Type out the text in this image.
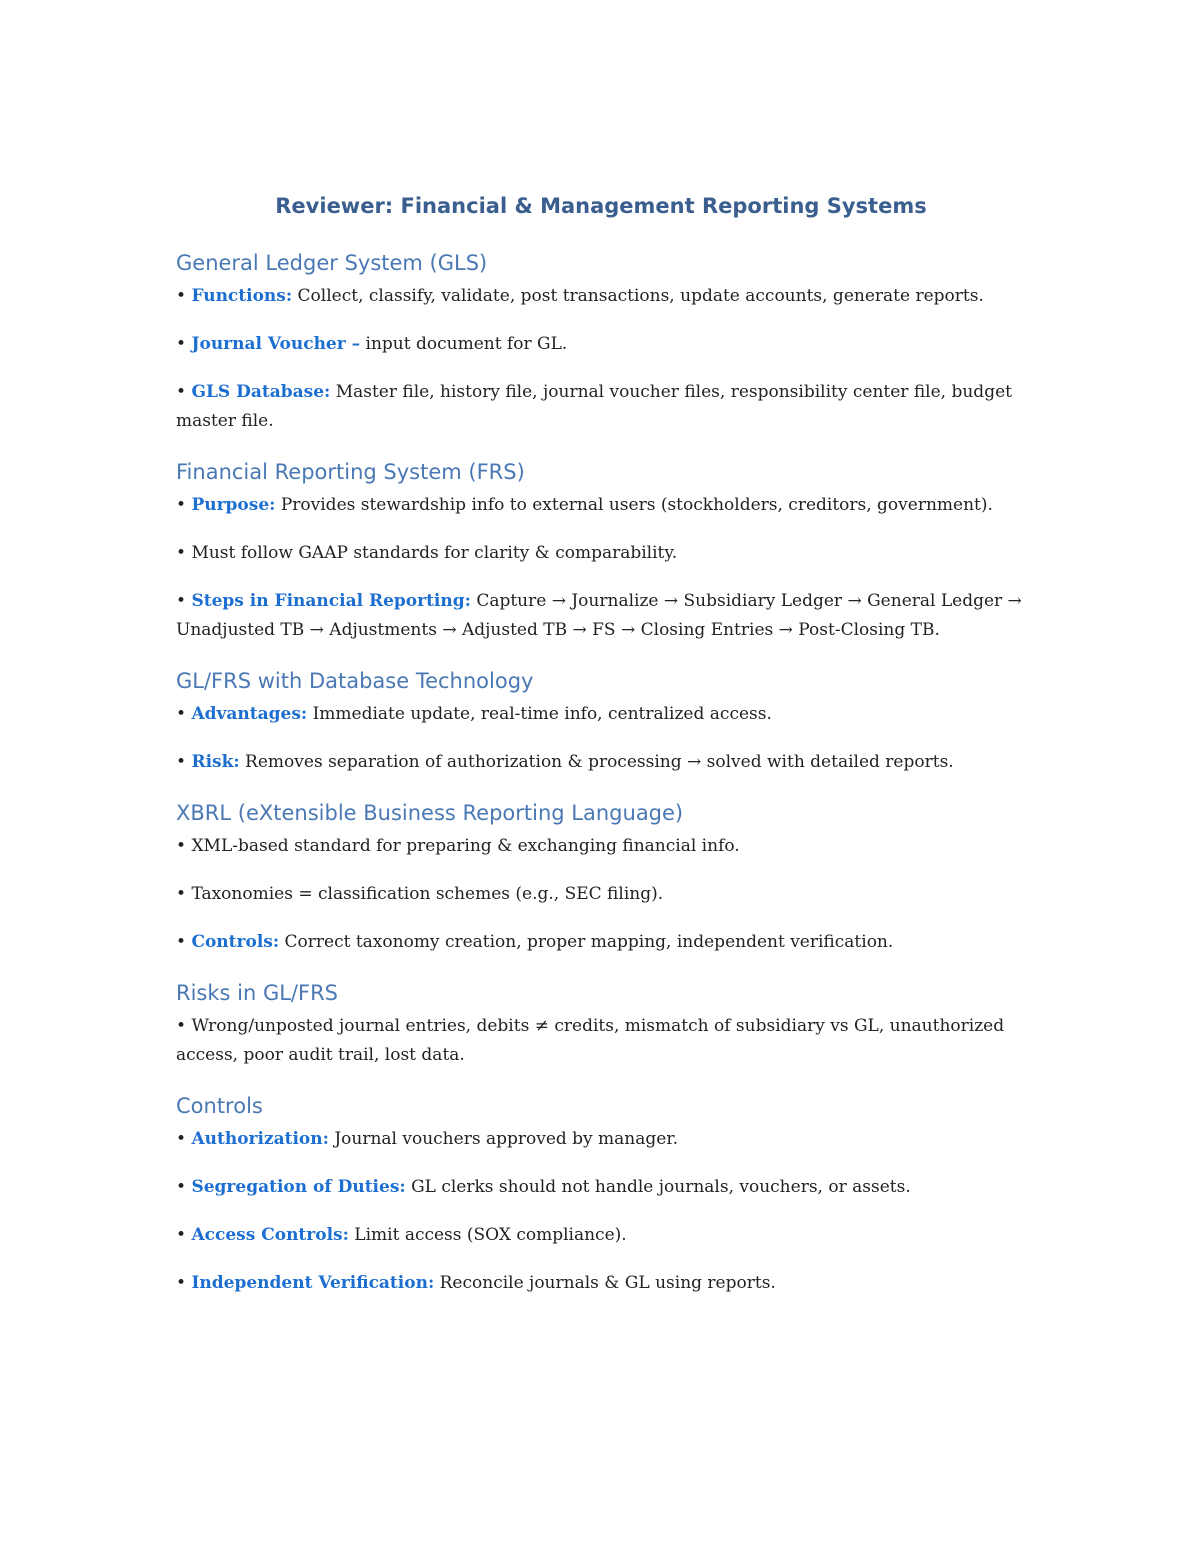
Reviewer: Financial & Management Reporting Systems
General Ledger System (GLS)

• Functions: Collect, classify, validate, post transactions, update accounts, generate reports.

• Journal Voucher – input document for GL.

• GLS Database: Master file, history file, journal voucher files, responsibility center file, budget master file.

Financial Reporting System (FRS)

• Purpose: Provides stewardship info to external users (stockholders, creditors, government).

• Must follow GAAP standards for clarity & comparability.

• Steps in Financial Reporting: Capture → Journalize → Subsidiary Ledger → General Ledger → Unadjusted TB → Adjustments → Adjusted TB → FS → Closing Entries → Post-Closing TB.

GL/FRS with Database Technology

• Advantages: Immediate update, real-time info, centralized access.

• Risk: Removes separation of authorization & processing → solved with detailed reports.

XBRL (eXtensible Business Reporting Language)

• XML-based standard for preparing & exchanging financial info.

• Taxonomies = classification schemes (e.g., SEC filing).

• Controls: Correct taxonomy creation, proper mapping, independent verification.

Risks in GL/FRS

• Wrong/unposted journal entries, debits ≠ credits, mismatch of subsidiary vs GL, unauthorized access, poor audit trail, lost data.

Controls

• Authorization: Journal vouchers approved by manager.

• Segregation of Duties: GL clerks should not handle journals, vouchers, or assets.

• Access Controls: Limit access (SOX compliance).

• Independent Verification: Reconcile journals & GL using reports.
